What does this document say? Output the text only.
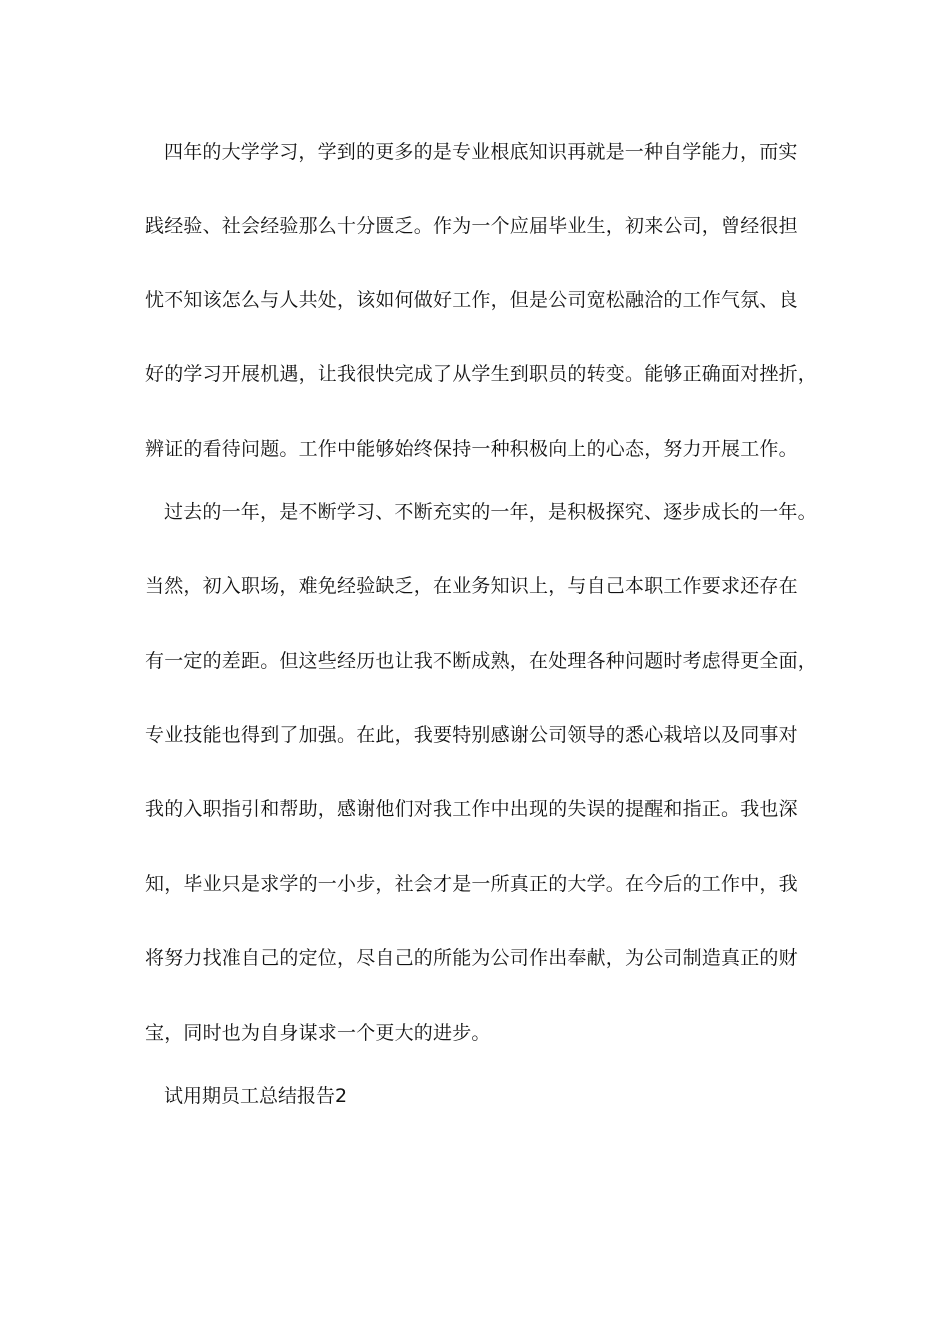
四年的大学学习，学到的更多的是专业根底知识再就是一种自学能力，而实
践经验、社会经验那么十分匮乏。作为一个应届毕业生，初来公司，曾经很担
忧不知该怎么与人共处，该如何做好工作，但是公司宽松融洽的工作气氛、良
好的学习开展机遇，让我很快完成了从学生到职员的转变。能够正确面对挫折，
辨证的看待问题。工作中能够始终保持一种积极向上的心态，努力开展工作。
过去的一年，是不断学习、不断充实的一年，是积极探究、逐步成长的一年。
当然，初入职场，难免经验缺乏，在业务知识上，与自己本职工作要求还存在
有一定的差距。但这些经历也让我不断成熟，在处理各种问题时考虑得更全面，
专业技能也得到了加强。在此，我要特别感谢公司领导的悉心栽培以及同事对
我的入职指引和帮助，感谢他们对我工作中出现的失误的提醒和指正。我也深
知，毕业只是求学的一小步，社会才是一所真正的大学。在今后的工作中，我
将努力找准自己的定位，尽自己的所能为公司作出奉献，为公司制造真正的财
宝，同时也为自身谋求一个更大的进步。
试用期员工总结报告2
